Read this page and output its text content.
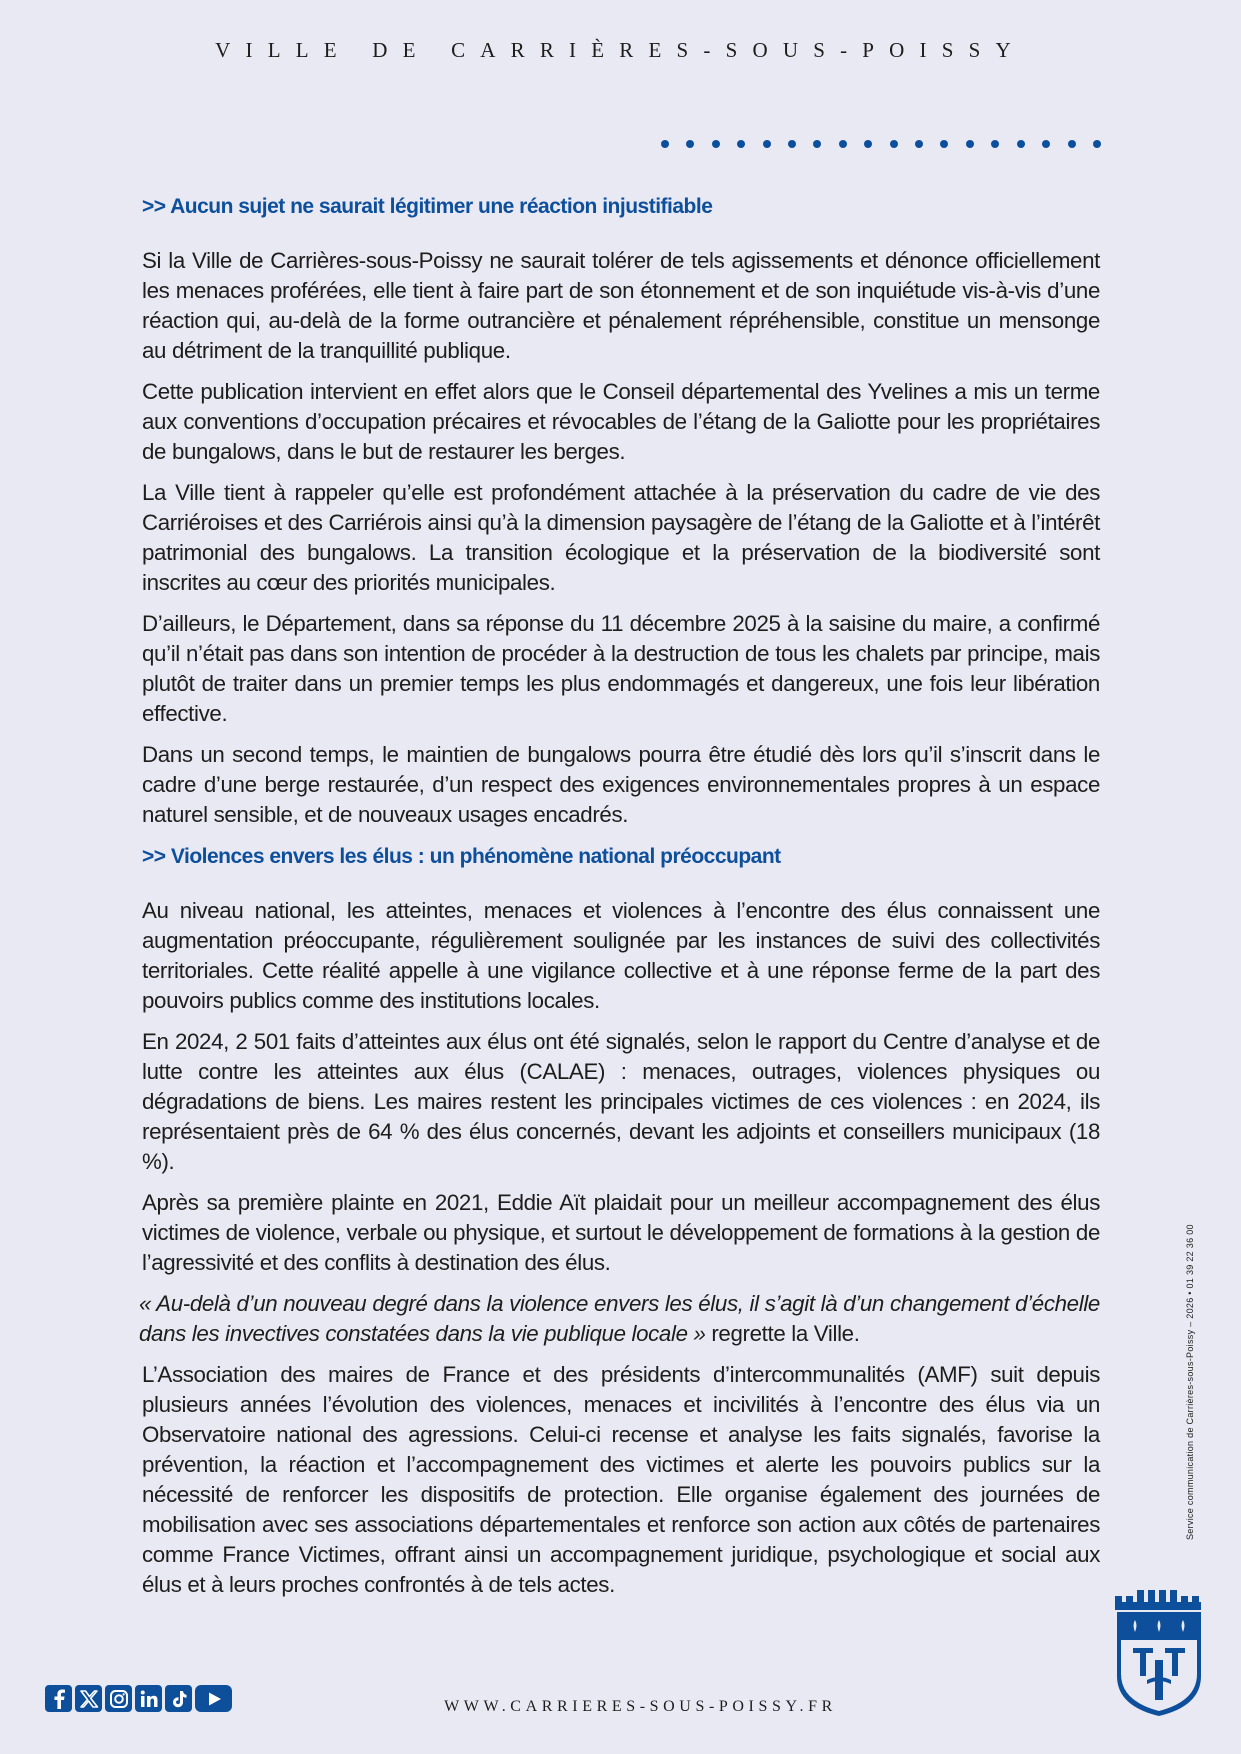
VILLE DE CARRIÈRES-SOUS-POISSY
>> Aucun sujet ne saurait légitimer une réaction injustifiable

Si la Ville de Carrières-sous-Poissy ne saurait tolérer de tels agissements et dénonce officiellement les menaces proférées, elle tient à faire part de son étonnement et de son inquiétude vis-à-vis d’une réaction qui, au-delà de la forme outrancière et pénalement répréhensible, constitue un mensonge au détriment de la tranquillité publique.

Cette publication intervient en effet alors que le Conseil départemental des Yvelines a mis un terme aux conventions d’occupation précaires et révocables de l’étang de la Galiotte pour les propriétaires de bungalows, dans le but de restaurer les berges.

La Ville tient à rappeler qu’elle est profondément attachée à la préservation du cadre de vie des Carriéroises et des Carriérois ainsi qu’à la dimension paysagère de l’étang de la Galiotte et à l’intérêt patrimonial des bungalows. La transition écologique et la préservation de la biodiversité sont inscrites au cœur des priorités municipales.

D’ailleurs, le Département, dans sa réponse du 11 décembre 2025 à la saisine du maire, a confirmé qu’il n’était pas dans son intention de procéder à la destruction de tous les chalets par principe, mais plutôt de traiter dans un premier temps les plus endommagés et dangereux, une fois leur libération effective.

Dans un second temps, le maintien de bungalows pourra être étudié dès lors qu’il s’inscrit dans le cadre d’une berge restaurée, d’un respect des exigences environnementales propres à un espace naturel sensible, et de nouveaux usages encadrés.

>> Violences envers les élus : un phénomène national préoccupant

Au niveau national, les atteintes, menaces et violences à l’encontre des élus connaissent une augmentation préoccupante, régulièrement soulignée par les instances de suivi des collectivités territoriales. Cette réalité appelle à une vigilance collective et à une réponse ferme de la part des pouvoirs publics comme des institutions locales.

En 2024, 2 501 faits d’atteintes aux élus ont été signalés, selon le rapport du Centre d’analyse et de lutte contre les atteintes aux élus (CALAE) : menaces, outrages, violences physiques ou dégradations de biens. Les maires restent les principales victimes de ces violences : en 2024, ils représentaient près de 64 % des élus concernés, devant les adjoints et conseillers municipaux (18 %).

Après sa première plainte en 2021, Eddie Aït plaidait pour un meilleur accompagnement des élus victimes de violence, verbale ou physique, et surtout le développement de formations à la gestion de l’agressivité et des conflits à destination des élus.

« Au-delà d’un nouveau degré dans la violence envers les élus, il s’agit là d’un changement d’échelle dans les invectives constatées dans la vie publique locale » regrette la Ville.

L’Association des maires de France et des présidents d’intercommunalités (AMF) suit depuis plusieurs années l’évolution des violences, menaces et incivilités à l’encontre des élus via un Observatoire national des agressions. Celui-ci recense et analyse les faits signalés, favorise la prévention, la réaction et l’accompagnement des victimes et alerte les pouvoirs publics sur la nécessité de renforcer les dispositifs de protection. Elle organise également des journées de mobilisation avec ses associations départementales et renforce son action aux côtés de partenaires comme France Victimes, offrant ainsi un accompagnement juridique, psychologique et social aux élus et à leurs proches confrontés à de tels actes.

Service communication de Carrières-sous-Poissy – 2026 • 01 39 22 36 00
WWW.CARRIERES-SOUS-POISSY.FR
